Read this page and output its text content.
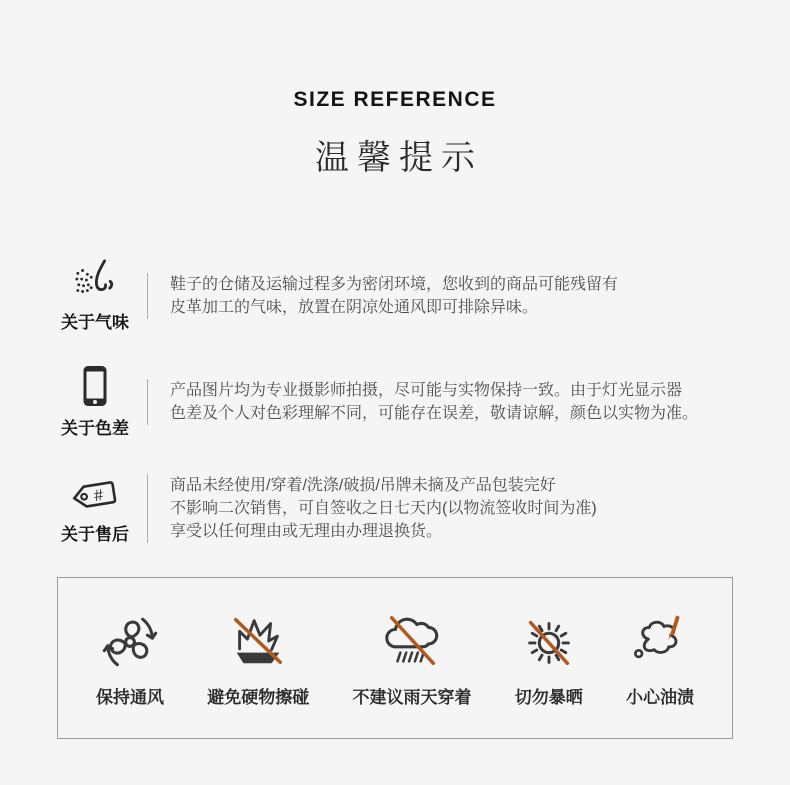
SIZE REFERENCE
温馨提示
关于气味
鞋子的仓储及运输过程多为密闭环境，您收到的商品可能残留有
皮革加工的气味，放置在阴凉处通风即可排除异味。
关于色差
产品图片均为专业摄影师拍摄，尽可能与实物保持一致。由于灯光显示器
色差及个人对色彩理解不同，可能存在误差，敬请谅解，颜色以实物为准。
#
关于售后
商品未经使用/穿着/洗涤/破损/吊牌未摘及产品包装完好
不影响二次销售，可自签收之日七天内(以物流签收时间为准)
享受以任何理由或无理由办理退换货。
保持通风	避免硬物擦碰	不建议雨天穿着	切勿暴晒	小心油渍
